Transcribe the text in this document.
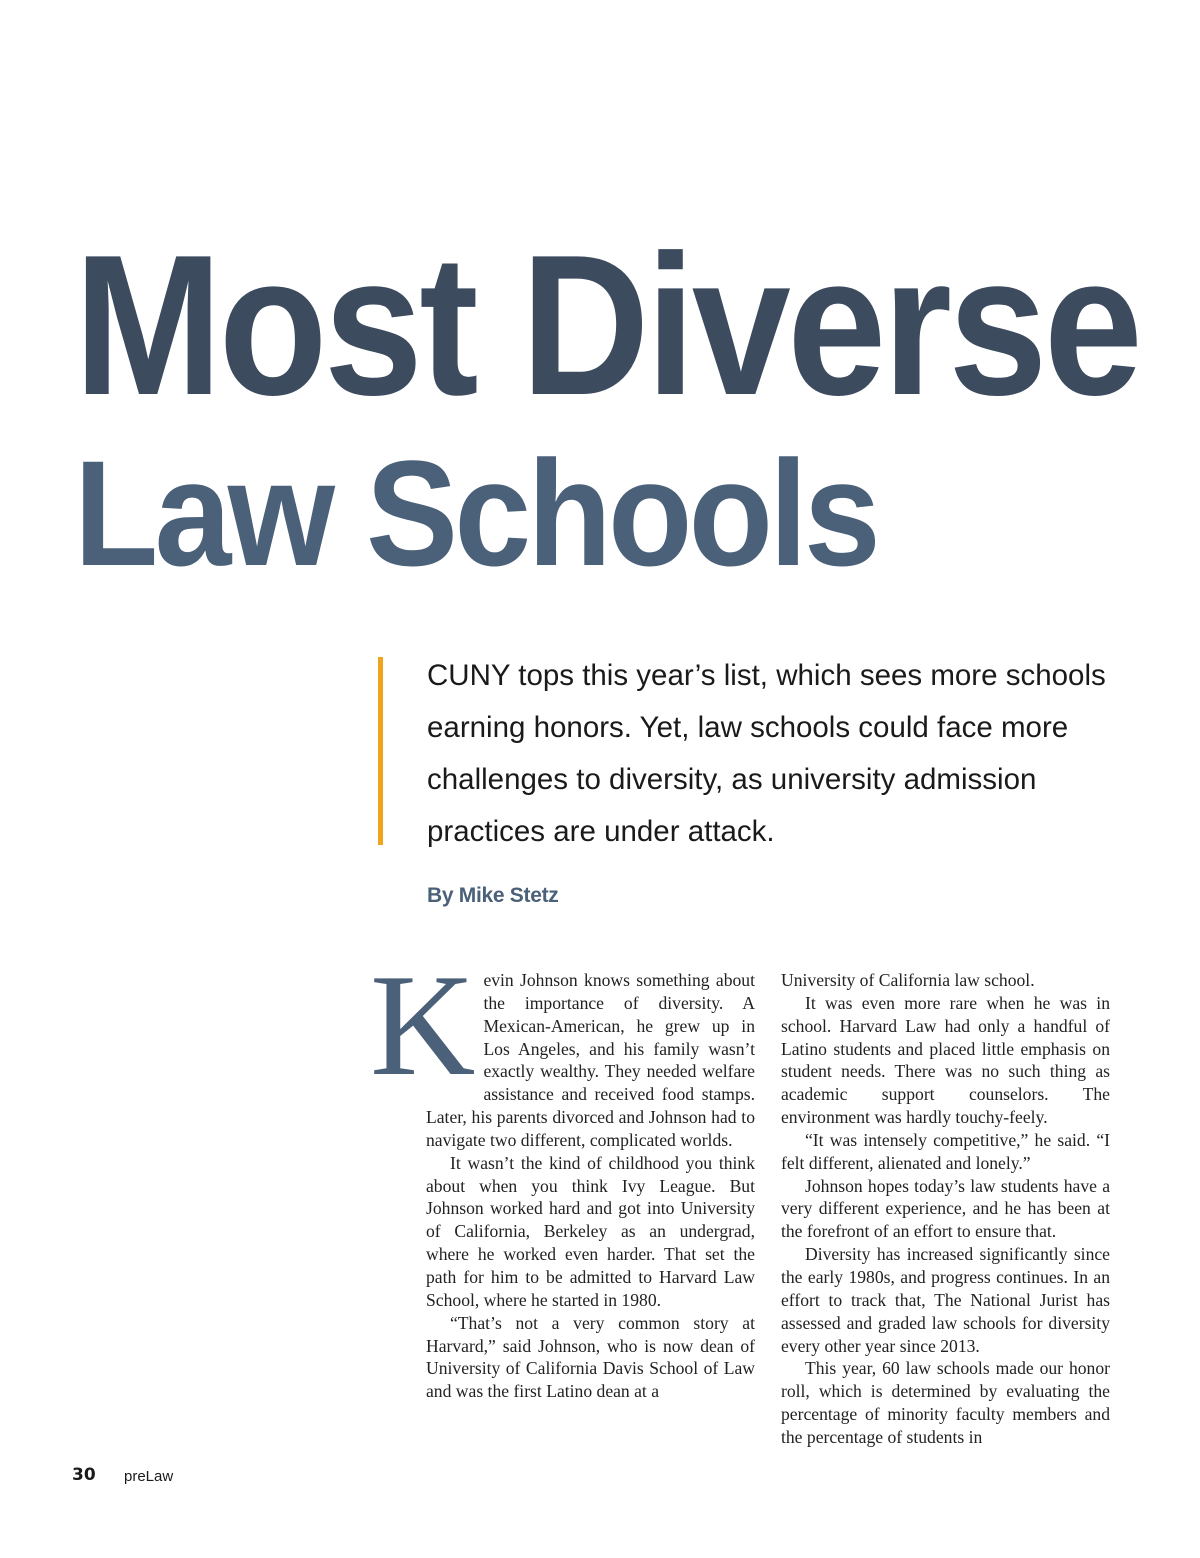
Most Diverse
Law Schools

CUNY tops this year’s list, which sees more schools earning honors. Yet, law schools could face more challenges to diversity, as university admission practices are under attack.

By Mike Stetz

Kevin Johnson knows something about the importance of diversity. A Mexican-American, he grew up in Los Angeles, and his family wasn’t exactly wealthy. They needed welfare assistance and received food stamps. Later, his parents divorced and Johnson had to navigate two different, complicated worlds.

It wasn’t the kind of childhood you think about when you think Ivy League. But Johnson worked hard and got into University of California, Berkeley as an undergrad, where he worked even harder. That set the path for him to be admitted to Harvard Law School, where he started in 1980.

“That’s not a very common story at Harvard,” said Johnson, who is now dean of University of California Davis School of Law and was the first Latino dean at a

University of California law school.

It was even more rare when he was in school. Harvard Law had only a handful of Latino students and placed little emphasis on student needs. There was no such thing as academic support counselors. The environment was hardly touchy-feely.

“It was intensely competitive,” he said. “I felt different, alienated and lonely.”

Johnson hopes today’s law students have a very different experience, and he has been at the forefront of an effort to ensure that.

Diversity has increased significantly since the early 1980s, and progress continues. In an effort to track that, The National Jurist has assessed and graded law schools for diversity every other year since 2013.

This year, 60 law schools made our honor roll, which is determined by evaluating the percentage of minority faculty members and the percentage of students in

30 preLaw
